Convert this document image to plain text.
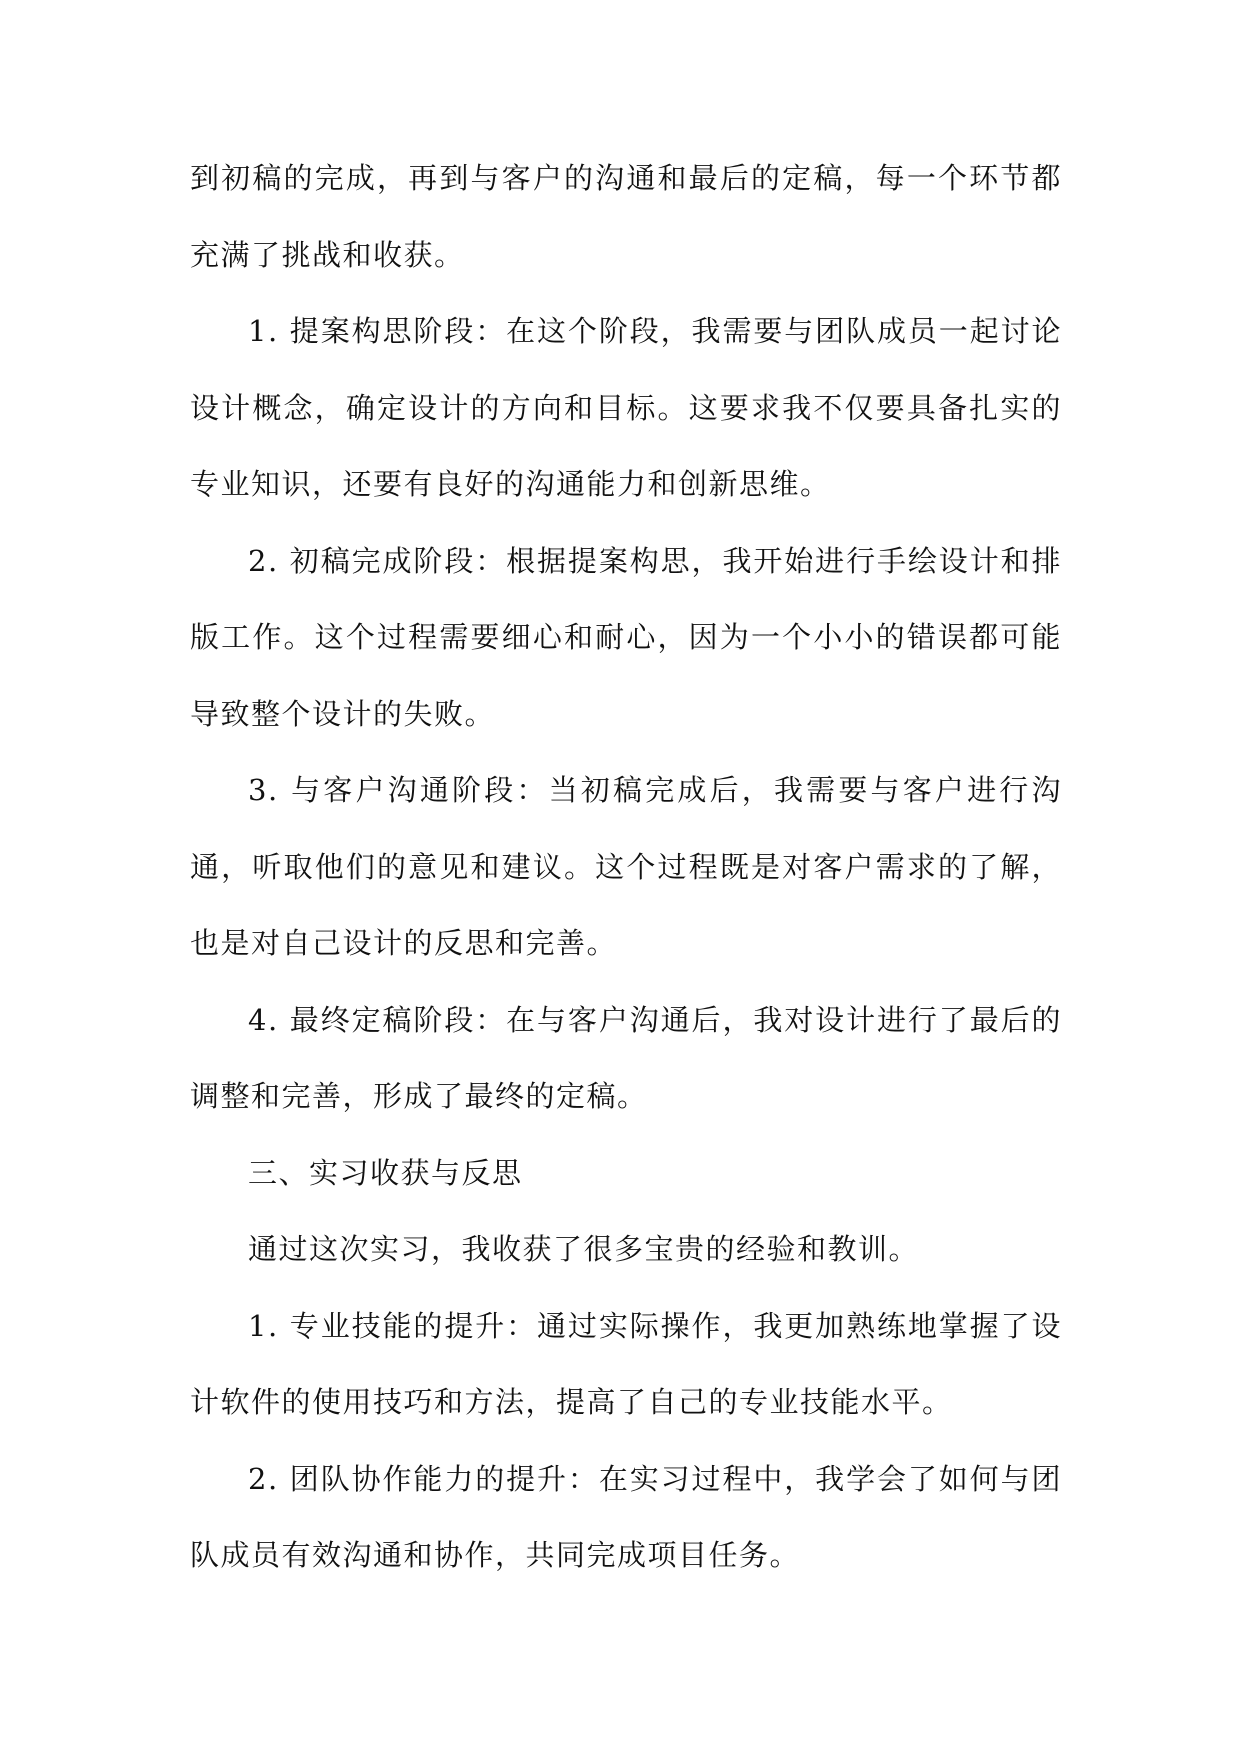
到初稿的完成，再到与客户的沟通和最后的定稿，每一个环节都充满了挑战和收获。

1. 提案构思阶段：在这个阶段，我需要与团队成员一起讨论设计概念，确定设计的方向和目标。这要求我不仅要具备扎实的专业知识，还要有良好的沟通能力和创新思维。

2. 初稿完成阶段：根据提案构思，我开始进行手绘设计和排版工作。这个过程需要细心和耐心，因为一个小小的错误都可能导致整个设计的失败。

3. 与客户沟通阶段：当初稿完成后，我需要与客户进行沟通，听取他们的意见和建议。这个过程既是对客户需求的了解，也是对自己设计的反思和完善。

4. 最终定稿阶段：在与客户沟通后，我对设计进行了最后的调整和完善，形成了最终的定稿。

三、实习收获与反思

通过这次实习，我收获了很多宝贵的经验和教训。

1. 专业技能的提升：通过实际操作，我更加熟练地掌握了设计软件的使用技巧和方法，提高了自己的专业技能水平。

2. 团队协作能力的提升：在实习过程中，我学会了如何与团队成员有效沟通和协作，共同完成项目任务。
